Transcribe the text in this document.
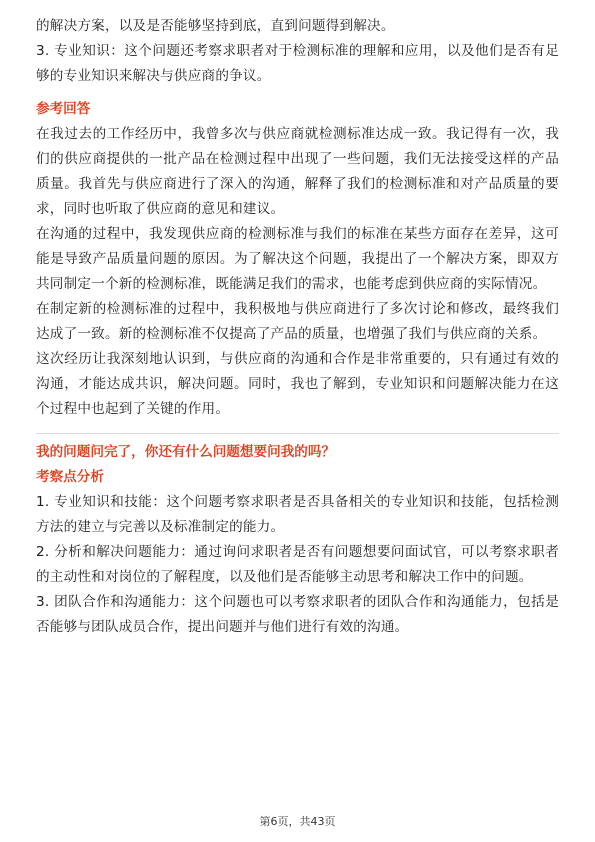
的解决方案，以及是否能够坚持到底，直到问题得到解决。

3. 专业知识：这个问题还考察求职者对于检测标准的理解和应用，以及他们是否有足够的专业知识来解决与供应商的争议。

参考回答

在我过去的工作经历中，我曾多次与供应商就检测标准达成一致。我记得有一次，我们的供应商提供的一批产品在检测过程中出现了一些问题，我们无法接受这样的产品质量。我首先与供应商进行了深入的沟通，解释了我们的检测标准和对产品质量的要求，同时也听取了供应商的意见和建议。

在沟通的过程中，我发现供应商的检测标准与我们的标准在某些方面存在差异，这可能是导致产品质量问题的原因。为了解决这个问题，我提出了一个解决方案，即双方共同制定一个新的检测标准，既能满足我们的需求，也能考虑到供应商的实际情况。

在制定新的检测标准的过程中，我积极地与供应商进行了多次讨论和修改，最终我们达成了一致。新的检测标准不仅提高了产品的质量，也增强了我们与供应商的关系。

这次经历让我深刻地认识到，与供应商的沟通和合作是非常重要的，只有通过有效的沟通，才能达成共识，解决问题。同时，我也了解到，专业知识和问题解决能力在这个过程中也起到了关键的作用。

我的问题问完了，你还有什么问题想要问我的吗？

考察点分析

1. 专业知识和技能：这个问题考察求职者是否具备相关的专业知识和技能，包括检测方法的建立与完善以及标准制定的能力。

2. 分析和解决问题能力：通过询问求职者是否有问题想要问面试官，可以考察求职者的主动性和对岗位的了解程度，以及他们是否能够主动思考和解决工作中的问题。

3. 团队合作和沟通能力：这个问题也可以考察求职者的团队合作和沟通能力，包括是否能够与团队成员合作，提出问题并与他们进行有效的沟通。

第6页，共43页
